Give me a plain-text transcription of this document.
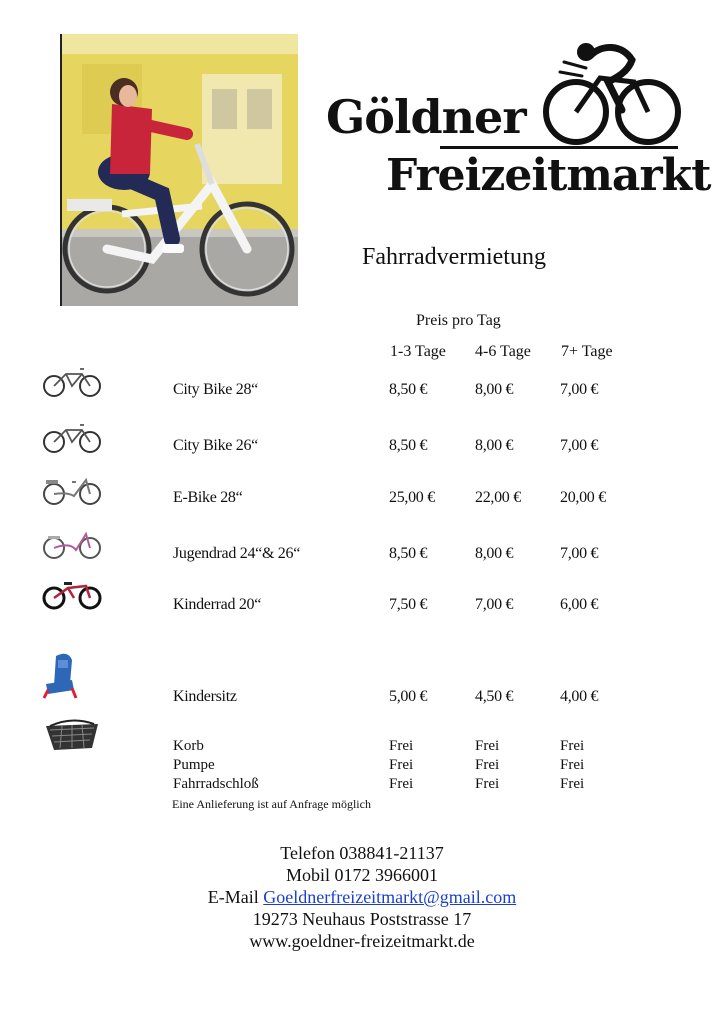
Göldner
Freizeitmarkt
Fahrradvermietung
Preis pro Tag
1-3 Tage 4-6 Tage 7+ Tage
City Bike 28“	8,50 €	8,00 €	7,00 €
City Bike 26“	8,50 €	8,00 €	7,00 €
E-Bike 28“	25,00 €	22,00 € 20,00 €
Jugendrad 24“& 26“	8,50 €	8,00 €	7,00 €
Kinderrad 20“	7,50 €	7,00 €	6,00 €
Kindersitz	5,00 €	4,50 €	4,00 €
Korb	Frei	Frei	Frei
Pumpe	Frei	Frei	Frei
Fahrradschloß	Frei	Frei	Frei
Eine Anlieferung ist auf Anfrage möglich
Telefon 038841-21137
Mobil 0172 3966001
E-Mail Goeldnerfreizeitmarkt@gmail.com
19273 Neuhaus Poststrasse 17
www.goeldner-freizeitmarkt.de
